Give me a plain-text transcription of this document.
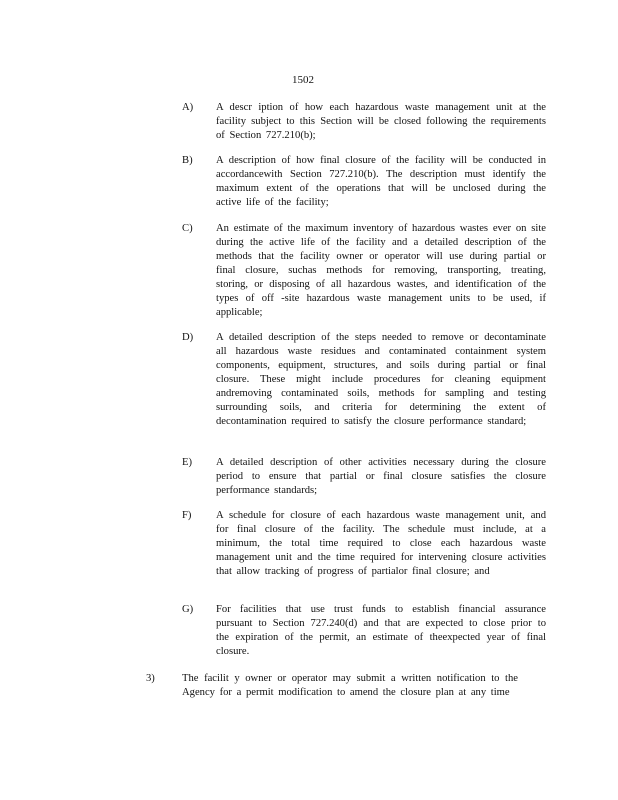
1502
A) A descr iption of how each hazardous waste management unit at the facility subject to this Section will be closed following the requirements of Section 727.210(b);
B) A description of how final closure of the facility will be conducted in accordancewith Section 727.210(b). The description must identify the maximum extent of the operations that will be unclosed during the active life of the facility;
C) An estimate of the maximum inventory of hazardous wastes ever on site during the active life of the facility and a detailed description of the methods that the facility owner or operator will use during partial or final closure, suchas methods for removing, transporting, treating, storing, or disposing of all hazardous wastes, and identification of the types of off -site hazardous waste management units to be used, if applicable;
D) A detailed description of the steps needed to remove or decontaminate all hazardous waste residues and contaminated containment system components, equipment, structures, and soils during partial or final closure. These might include procedures for cleaning equipment andremoving contaminated soils, methods for sampling and testing surrounding soils, and criteria for determining the extent of decontamination required to satisfy the closure performance standard;
E) A detailed description of other activities necessary during the closure period to ensure that partial or final closure satisfies the closure performance standards;
F) A schedule for closure of each hazardous waste management unit, and for final closure of the facility. The schedule must include, at a minimum, the total time required to close each hazardous waste management unit and the time required for intervening closure activities that allow tracking of progress of partialor final closure; and
G) For facilities that use trust funds to establish financial assurance pursuant to Section 727.240(d) and that are expected to close prior to the expiration of the permit, an estimate of theexpected year of final closure.
3)	The facilit y owner or operator may submit a written notification to the Agency for a permit modification to amend the closure plan at any time
